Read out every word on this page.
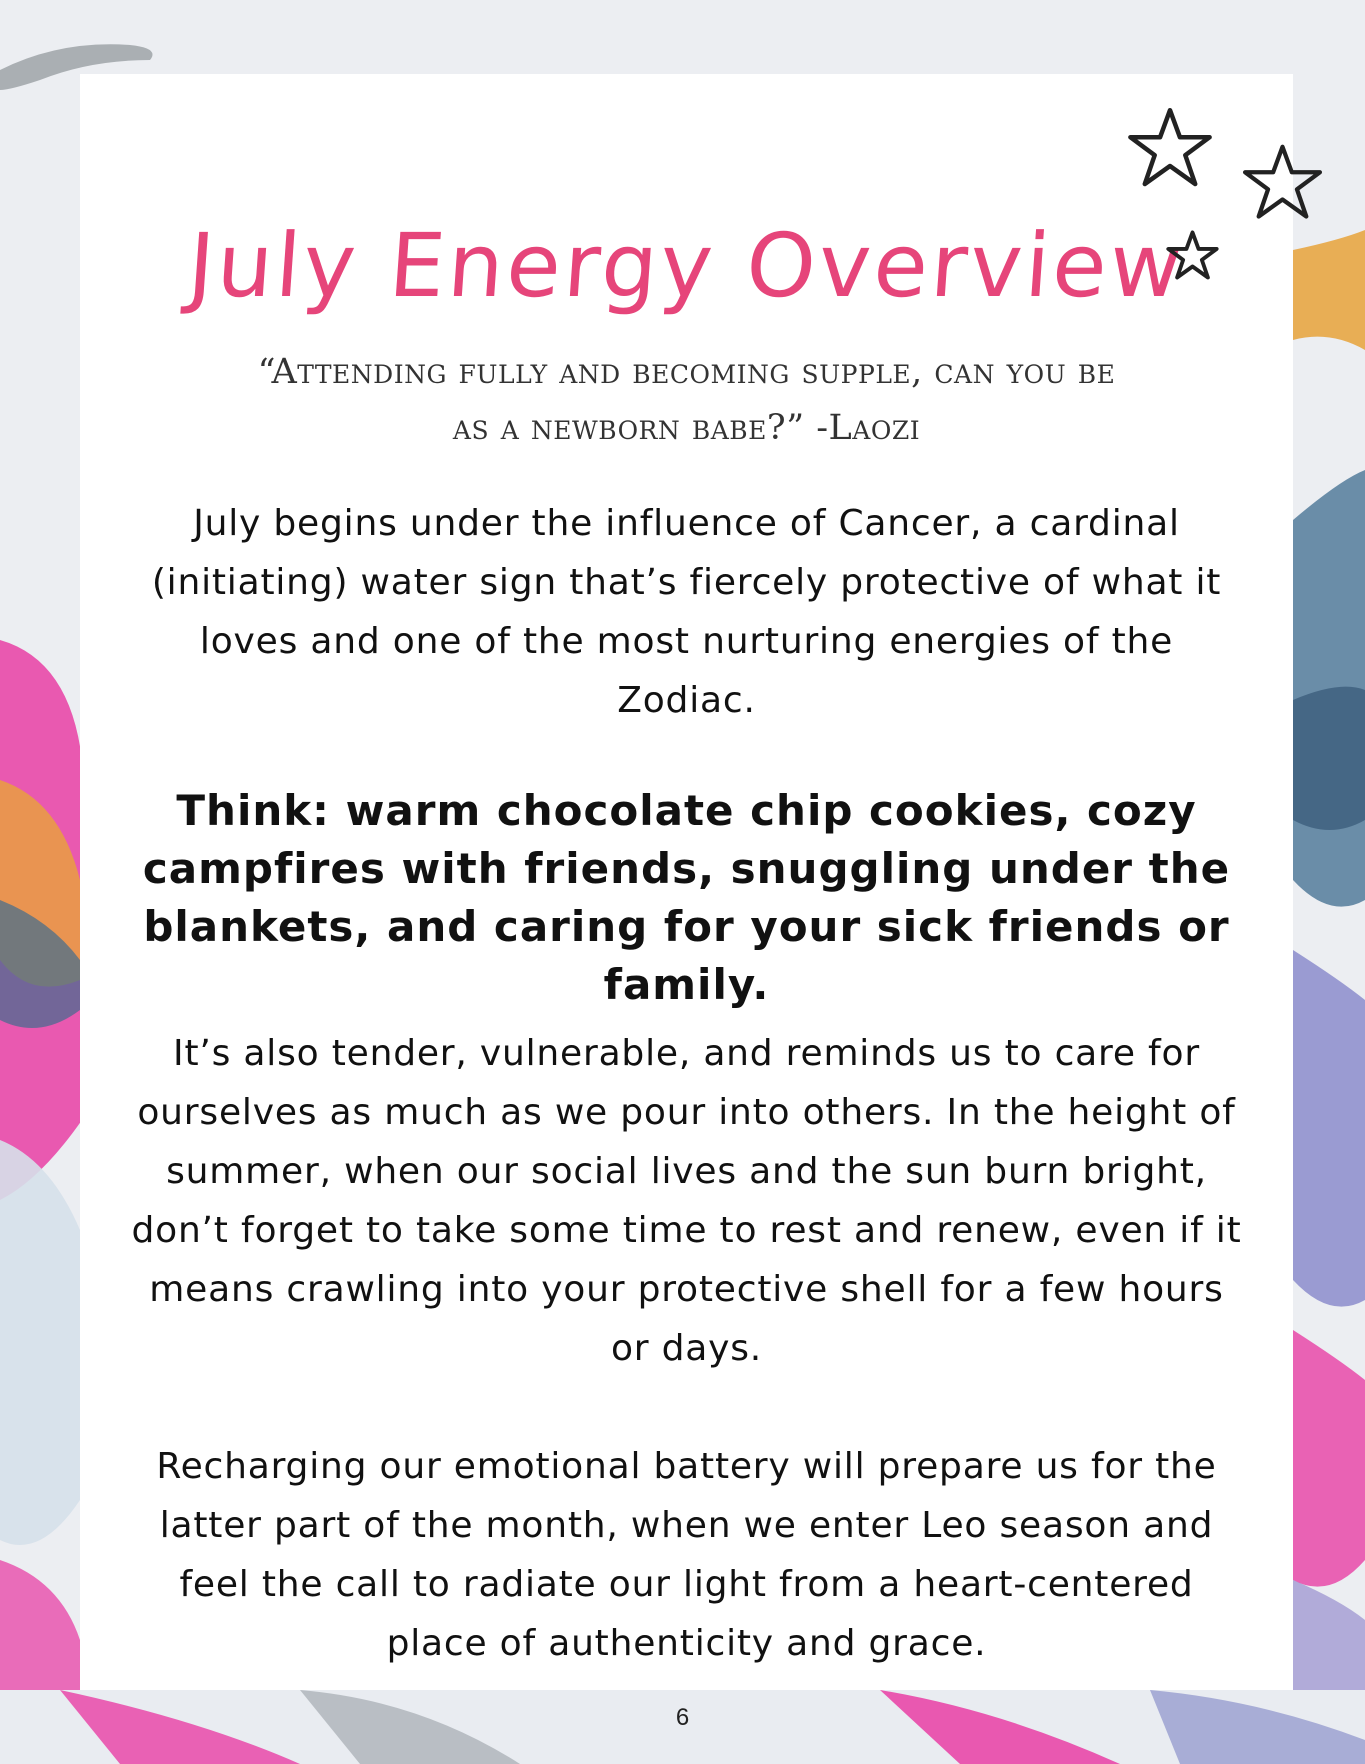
July Energy Overview
“Attending fully and becoming supple, can you be
as a newborn babe?” -Laozi

July begins under the influence of Cancer, a cardinal (initiating) water sign that’s fiercely protective of what it loves and one of the most nurturing energies of the Zodiac.

Think: warm chocolate chip cookies, cozy campfires with friends, snuggling under the blankets, and caring for your sick friends or family.

It’s also tender, vulnerable, and reminds us to care for ourselves as much as we pour into others. In the height of summer, when our social lives and the sun burn bright, don’t forget to take some time to rest and renew, even if it means crawling into your protective shell for a few hours or days.

Recharging our emotional battery will prepare us for the latter part of the month, when we enter Leo season and feel the call to radiate our light from a heart-centered place of authenticity and grace.

6
